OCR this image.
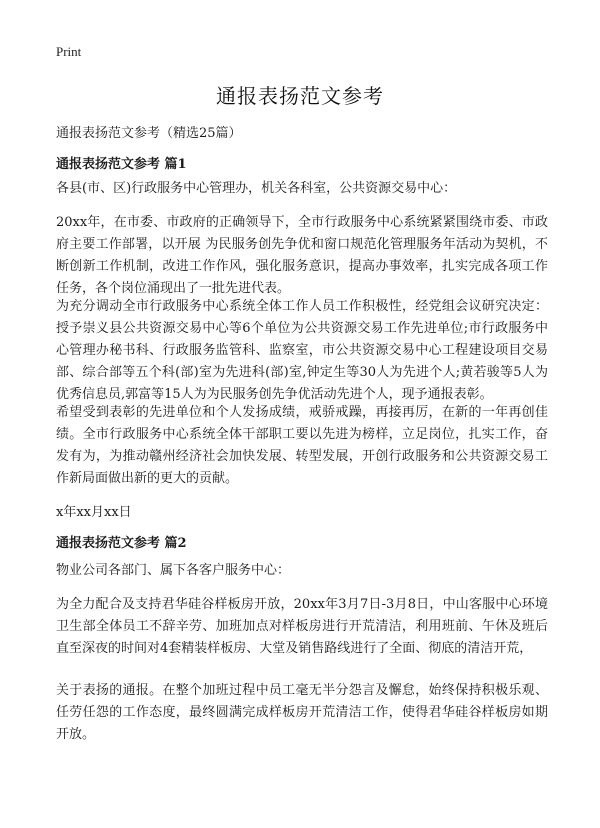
Print
通报表扬范文参考
通报表扬范文参考（精选25篇）

通报表扬范文参考 篇1

各县(市、区)行政服务中心管理办，机关各科室，公共资源交易中心：

20xx年，在市委、市政府的正确领导下，全市行政服务中心系统紧紧围绕市委、市政府主要工作部署，以开展 为民服务创先争优和窗口规范化管理服务年活动为契机，不断创新工作机制，改进工作作风，强化服务意识，提高办事效率，扎实完成各项工作任务，各个岗位涌现出了一批先进代表。

为充分调动全市行政服务中心系统全体工作人员工作积极性，经党组会议研究决定：授予崇义县公共资源交易中心等6个单位为公共资源交易工作先进单位;市行政服务中心管理办秘书科、行政服务监管科、监察室，市公共资源交易中心工程建设项目交易部、综合部等五个科(部)室为先进科(部)室,钟定生等30人为先进个人;黄若骏等5人为优秀信息员,郭富等15人为为民服务创先争优活动先进个人，现予通报表彰。

希望受到表彰的先进单位和个人发扬成绩，戒骄戒躁，再接再厉，在新的一年再创佳绩。全市行政服务中心系统全体干部职工要以先进为榜样，立足岗位，扎实工作，奋发有为，为推动赣州经济社会加快发展、转型发展，开创行政服务和公共资源交易工作新局面做出新的更大的贡献。

x年xx月xx日

通报表扬范文参考 篇2

物业公司各部门、属下各客户服务中心：

为全力配合及支持君华硅谷样板房开放，20xx年3月7日-3月8日，中山客服中心环境卫生部全体员工不辞辛劳、加班加点对样板房进行开荒清洁，利用班前、午休及班后直至深夜的时间对4套精装样板房、大堂及销售路线进行了全面、彻底的清洁开荒，

关于表扬的通报。在整个加班过程中员工毫无半分怨言及懈怠，始终保持积极乐观、任劳任怨的工作态度，最终圆满完成样板房开荒清洁工作，使得君华硅谷样板房如期开放。
